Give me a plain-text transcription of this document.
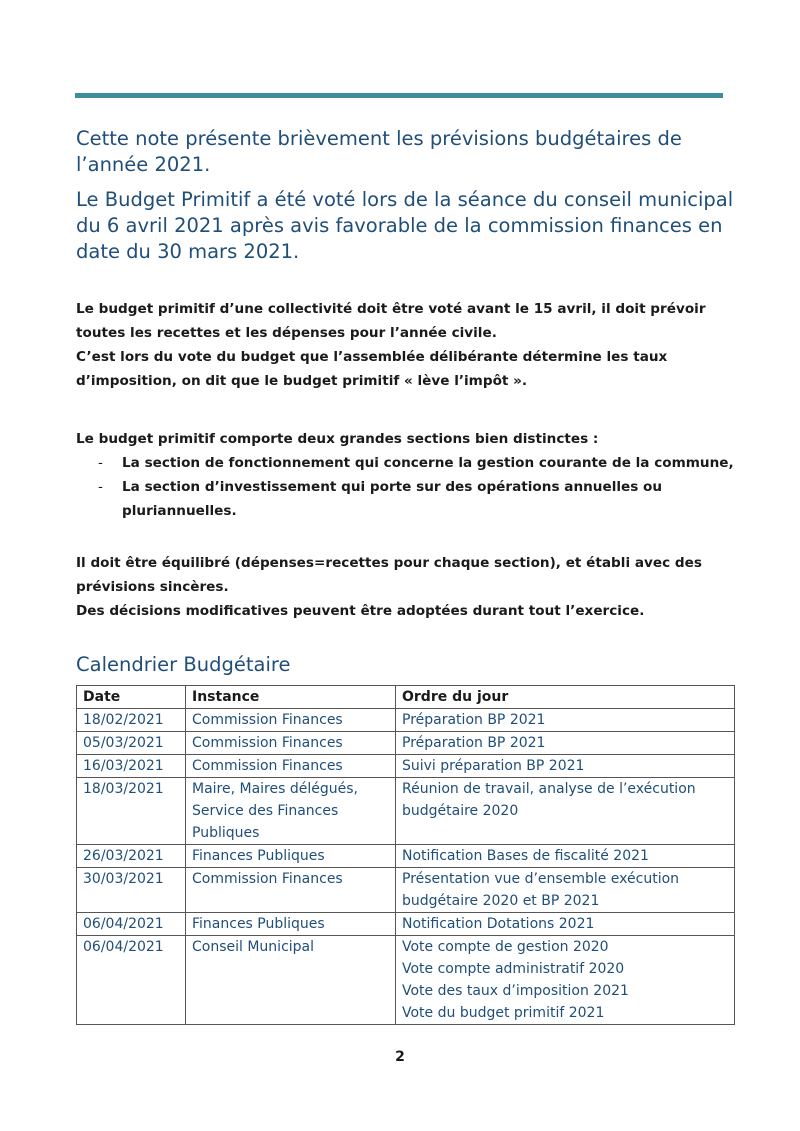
Cette note présente brièvement les prévisions budgétaires de l’année 2021.

Le Budget Primitif a été voté lors de la séance du conseil municipal du 6 avril 2021 après avis favorable de la commission finances en date du 30 mars 2021.

Le budget primitif d’une collectivité doit être voté avant le 15 avril, il doit prévoir

toutes les recettes et les dépenses pour l’année civile.

C’est lors du vote du budget que l’assemblée délibérante détermine les taux

d’imposition, on dit que le budget primitif « lève l’impôt ».

Le budget primitif comporte deux grandes sections bien distinctes :

- La section de fonctionnement qui concerne la gestion courante de la commune,
- La section d’investissement qui porte sur des opérations annuelles ou pluriannuelles.

Il doit être équilibré (dépenses=recettes pour chaque section), et établi avec des

prévisions sincères.

Des décisions modificatives peuvent être adoptées durant tout l’exercice.

Calendrier Budgétaire
Date	Instance	Ordre du jour
18/02/2021	Commission Finances	Préparation BP 2021

05/03/2021	Commission Finances	Préparation BP 2021

16/03/2021	Commission Finances	Suivi préparation BP 2021

18/03/2021	Maire, Maires délégués,
Service des Finances
Publiques	Réunion de travail, analyse de l’exécution
budgétaire 2020

26/03/2021	Finances Publiques	Notification Bases de fiscalité 2021

30/03/2021	Commission Finances	Présentation vue d’ensemble exécution
budgétaire 2020 et BP 2021

06/04/2021	Finances Publiques	Notification Dotations 2021

06/04/2021	Conseil Municipal	Vote compte de gestion 2020
Vote compte administratif 2020
Vote des taux d’imposition 2021
Vote du budget primitif 2021
2
